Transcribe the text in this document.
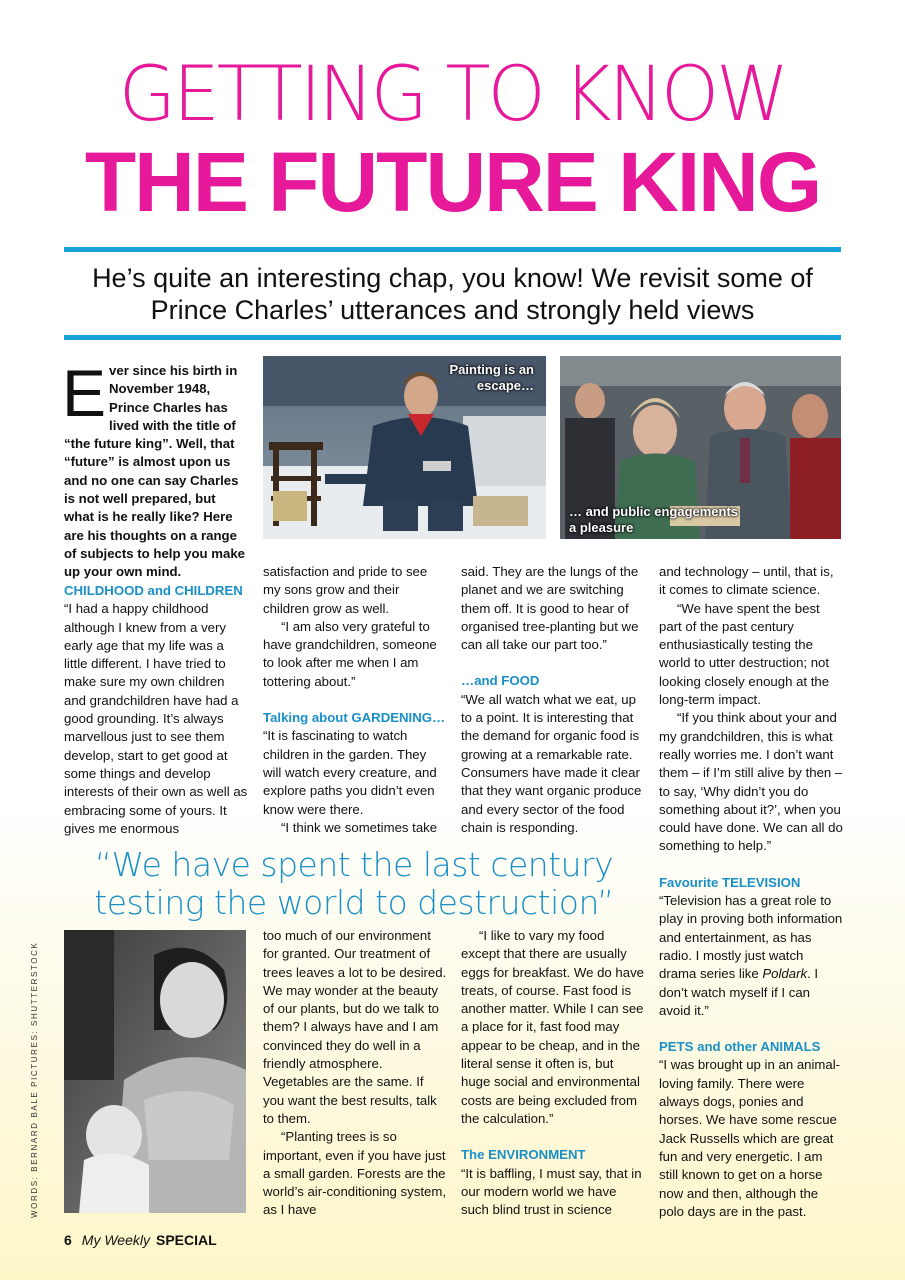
GETTING TO KNOW
THE FUTURE KING
He’s quite an interesting chap, you know! We revisit some of Prince Charles’ utterances and strongly held views
Ever since his birth in November 1948, Prince Charles has lived with the title of “the future king”. Well, that “future” is almost upon us and no one can say Charles is not well prepared, but what is he really like? Here are his thoughts on a range of subjects to help you make up your own mind.
Painting is an escape…
… and public engagements a pleasure
CHILDHOOD and CHILDREN

“I had a happy childhood although I knew from a very early age that my life was a little different. I have tried to make sure my own children and grandchildren have had a good grounding. It’s always marvellous just to see them develop, start to get good at some things and develop interests of their own as well as embracing some of yours. It gives me enormous

satisfaction and pride to see my sons grow and their children grow as well.

“I am also very grateful to have grandchildren, someone to look after me when I am tottering about.”

Talking about GARDENING…

“It is fascinating to watch children in the garden. They will watch every creature, and explore paths you didn’t even know were there.

“I think we sometimes take

said. They are the lungs of the planet and we are switching them off. It is good to hear of organised tree-planting but we can all take our part too.”

…and FOOD

“We all watch what we eat, up to a point. It is interesting that the demand for organic food is growing at a remarkable rate. Consumers have made it clear that they want organic produce and every sector of the food chain is responding.

and technology – until, that is, it comes to climate science.

“We have spent the best part of the past century enthusiastically testing the world to utter destruction; not looking closely enough at the long-term impact.

“If you think about your and my grandchildren, this is what really worries me. I don’t want them – if I’m still alive by then – to say, ‘Why didn’t you do something about it?’, when you could have done. We can all do something to help.”

Favourite TELEVISION

“Television has a great role to play in proving both information and entertainment, as has radio. I mostly just watch drama series like Poldark. I don’t watch myself if I can avoid it.”

PETS and other ANIMALS

“I was brought up in an animal-loving family. There were always dogs, ponies and horses. We have some rescue Jack Russells which are great fun and very energetic. I am still known to get on a horse now and then, although the polo days are in the past.

“We have spent the last century testing the world to destruction”

too much of our environment for granted. Our treatment of trees leaves a lot to be desired. We may wonder at the beauty of our plants, but do we talk to them? I always have and I am convinced they do well in a friendly atmosphere. Vegetables are the same. If you want the best results, talk to them.

“Planting trees is so important, even if you have just a small garden. Forests are the world’s air-conditioning system, as I have

“I like to vary my food except that there are usually eggs for breakfast. We do have treats, of course. Fast food is another matter. While I can see a place for it, fast food may appear to be cheap, and in the literal sense it often is, but huge social and environmental costs are being excluded from the calculation.”

The ENVIRONMENT

“It is baffling, I must say, that in our modern world we have such blind trust in science

WORDS: BERNARD BALE PICTURES: SHUTTERSTOCK
6 My Weekly SPECIAL
